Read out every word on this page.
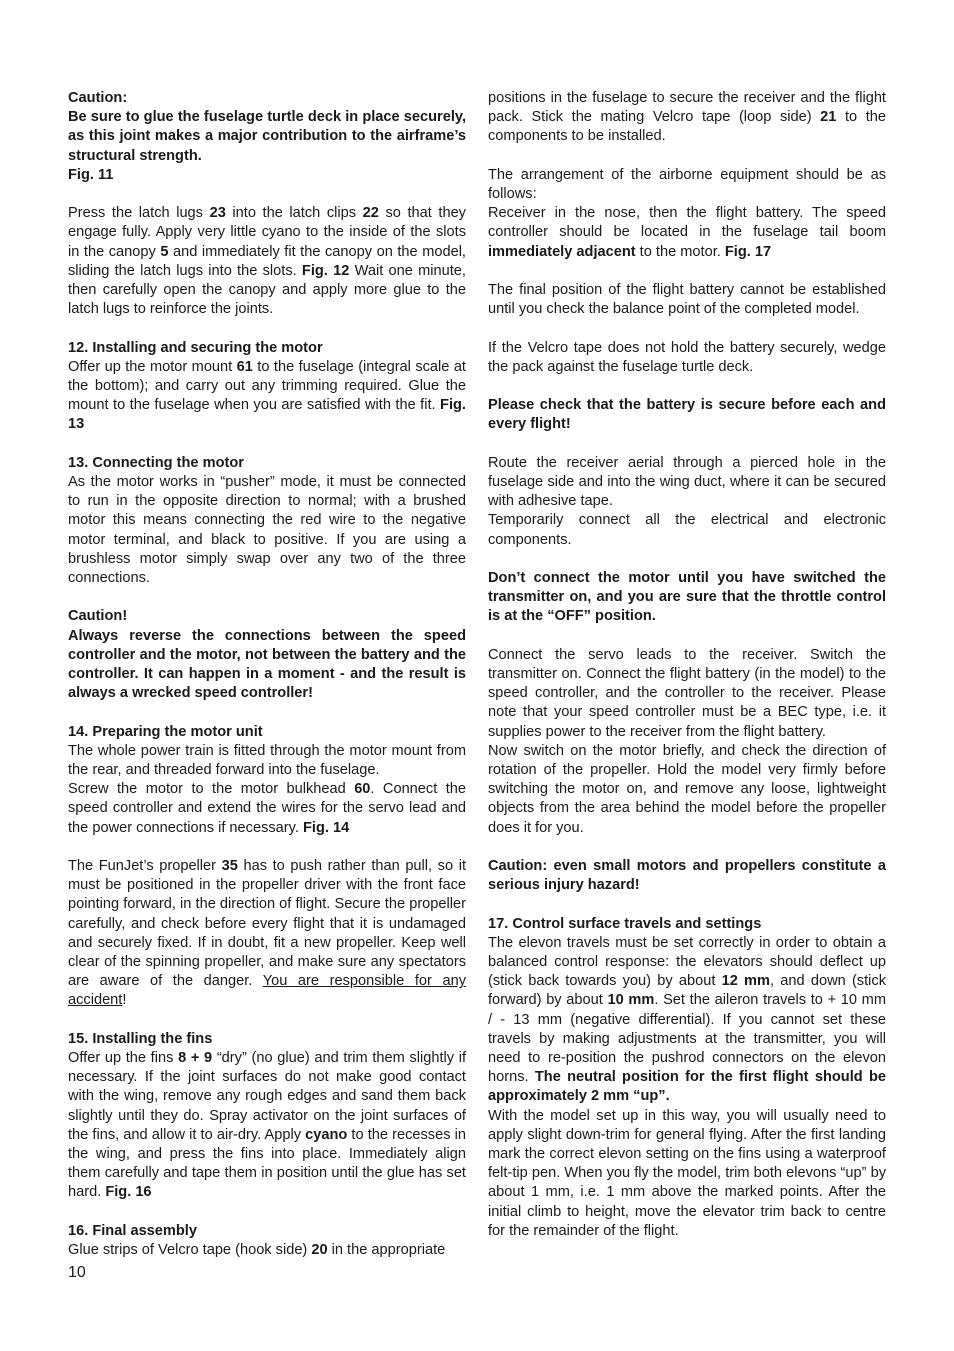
Caution:

Be sure to glue the fuselage turtle deck in place securely, as this joint makes a major contribution to the airframe’s structural strength.

Fig. 11

Press the latch lugs 23 into the latch clips 22 so that they engage fully. Apply very little cyano to the inside of the slots in the canopy 5 and immediately fit the canopy on the model, sliding the latch lugs into the slots. Fig. 12 Wait one minute, then carefully open the canopy and apply more glue to the latch lugs to reinforce the joints.

12. Installing and securing the motor

Offer up the motor mount 61 to the fuselage (integral scale at the bottom); and carry out any trimming required. Glue the mount to the fuselage when you are satisfied with the fit. Fig. 13

13. Connecting the motor

As the motor works in “pusher” mode, it must be connected to run in the opposite direction to normal; with a brushed motor this means connecting the red wire to the negative motor terminal, and black to positive. If you are using a brushless motor simply swap over any two of the three connections.

Caution!

Always reverse the connections between the speed controller and the motor, not between the battery and the controller. It can happen in a moment - and the result is always a wrecked speed controller!

14. Preparing the motor unit

The whole power train is fitted through the motor mount from the rear, and threaded forward into the fuselage.

Screw the motor to the motor bulkhead 60. Connect the speed controller and extend the wires for the servo lead and the power connections if necessary. Fig. 14

The FunJet’s propeller 35 has to push rather than pull, so it must be positioned in the propeller driver with the front face pointing forward, in the direction of flight. Secure the propeller carefully, and check before every flight that it is undamaged and securely fixed. If in doubt, fit a new propeller. Keep well clear of the spinning propeller, and make sure any spectators are aware of the danger. You are responsible for any accident!

15. Installing the fins

Offer up the fins 8 + 9 “dry” (no glue) and trim them slightly if necessary. If the joint surfaces do not make good contact with the wing, remove any rough edges and sand them back slightly until they do. Spray activator on the joint surfaces of the fins, and allow it to air-dry. Apply cyano to the recesses in the wing, and press the fins into place. Immediately align them carefully and tape them in position until the glue has set hard. Fig. 16

16. Final assembly

Glue strips of Velcro tape (hook side) 20 in the appropriate

positions in the fuselage to secure the receiver and the flight pack. Stick the mating Velcro tape (loop side) 21 to the components to be installed.

The arrangement of the airborne equipment should be as follows:

Receiver in the nose, then the flight battery. The speed controller should be located in the fuselage tail boom immediately adjacent to the motor. Fig. 17

The final position of the flight battery cannot be established until you check the balance point of the completed model.

If the Velcro tape does not hold the battery securely, wedge the pack against the fuselage turtle deck.

Please check that the battery is secure before each and every flight!

Route the receiver aerial through a pierced hole in the fuselage side and into the wing duct, where it can be secured with adhesive tape.

Temporarily connect all the electrical and electronic components.

Don’t connect the motor until you have switched the transmitter on, and you are sure that the throttle control is at the “OFF” position.

Connect the servo leads to the receiver. Switch the transmitter on. Connect the flight battery (in the model) to the speed controller, and the controller to the receiver. Please note that your speed controller must be a BEC type, i.e. it supplies power to the receiver from the flight battery.

Now switch on the motor briefly, and check the direction of rotation of the propeller. Hold the model very firmly before switching the motor on, and remove any loose, lightweight objects from the area behind the model before the propeller does it for you.

Caution: even small motors and propellers constitute a serious injury hazard!

17. Control surface travels and settings

The elevon travels must be set correctly in order to obtain a balanced control response: the elevators should deflect up (stick back towards you) by about 12 mm, and down (stick forward) by about 10 mm. Set the aileron travels to + 10 mm / - 13 mm (negative differential). If you cannot set these travels by making adjustments at the transmitter, you will need to re-position the pushrod connectors on the elevon horns. The neutral position for the first flight should be approximately 2 mm “up”.

With the model set up in this way, you will usually need to apply slight down-trim for general flying. After the first landing mark the correct elevon setting on the fins using a waterproof felt-tip pen. When you fly the model, trim both elevons “up” by about 1 mm, i.e. 1 mm above the marked points. After the initial climb to height, move the elevator trim back to centre for the remainder of the flight.

10
